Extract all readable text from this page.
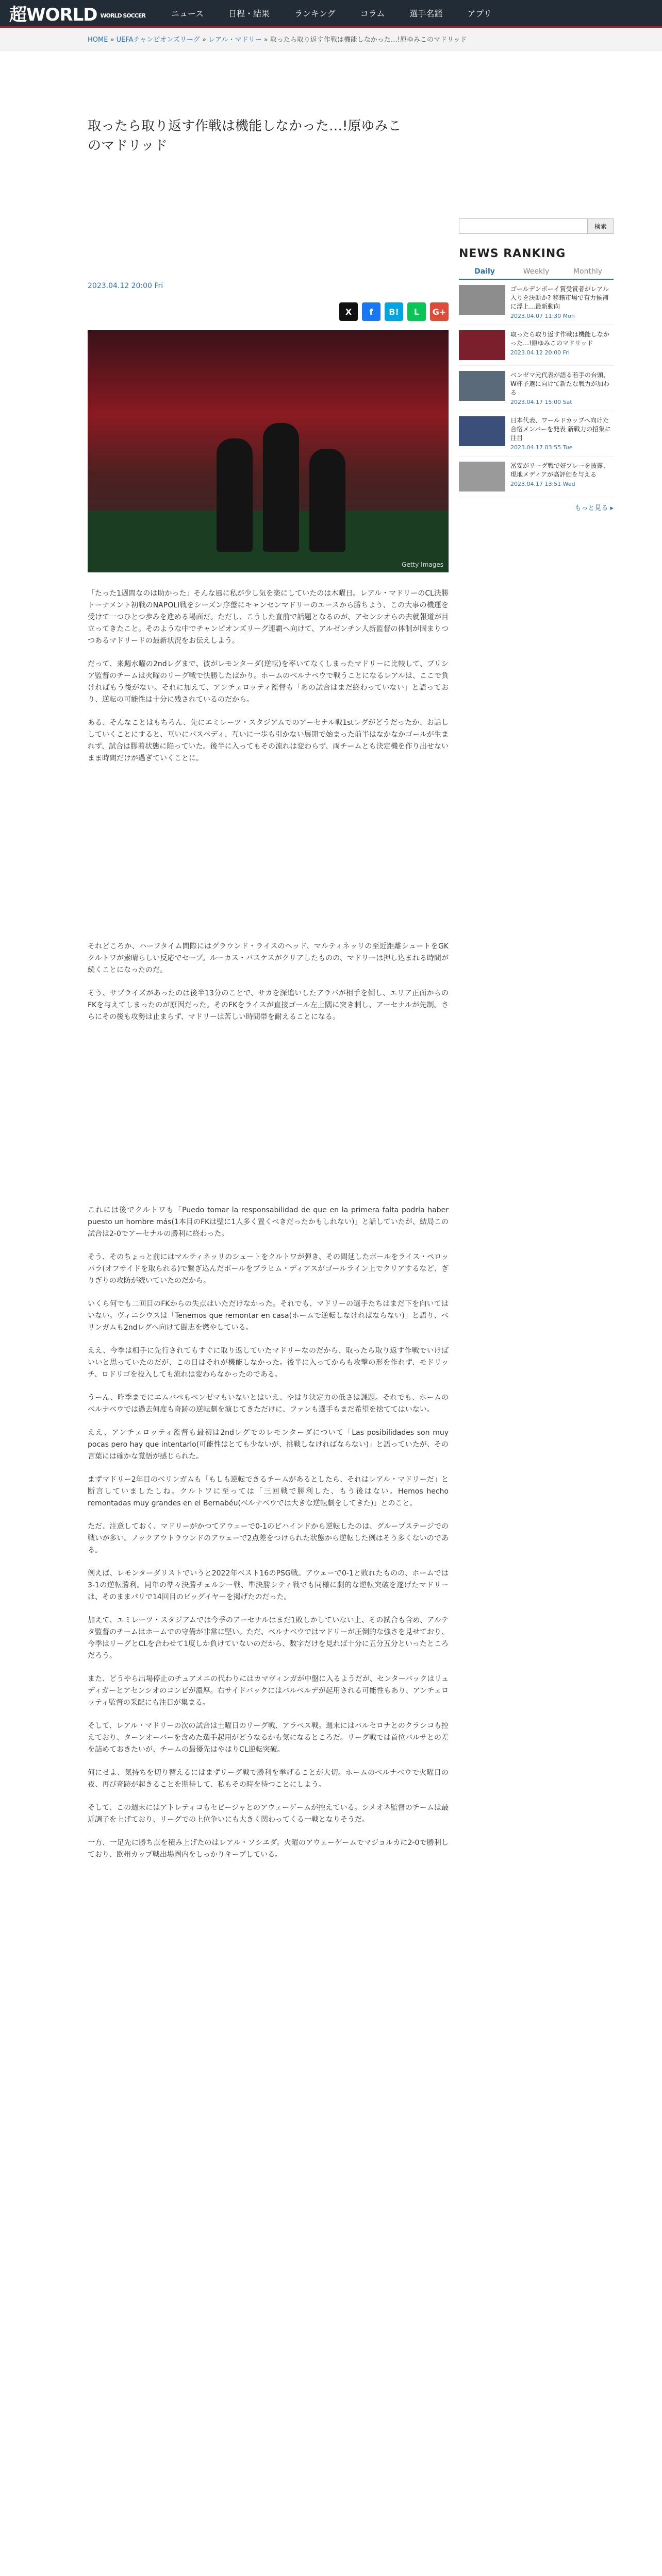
超WORLD WORLD SOCCER	ニュース	日程・結果	ランキング	コラム	選手名鑑	アプリ
HOME » UEFAチャンピオンズリーグ » レアル・マドリー » 取ったら取り返す作戦は機能しなかった…!原ゆみこのマドリッド
取ったら取り返す作戦は機能しなかった…!原ゆみこのマドリッド
2023.04.12 20:00 Fri
X	f	B!	L	G+
Getty Images

「たった1週間なのは助かった」そんな風に私が少し気を楽にしていたのは木曜日。レアル・マドリーのCL決勝トーナメント初戦のNAPOLI戦をシーズン序盤にキャンセンマドリーのエースから勝ちよう、この大事の機運を受けて一つひとつ歩みを進める場面だ。ただし、こうした直前で話題となるのが、アセンシオらの去就報道が目立ってきたこと。そのような中でチャンピオンズリーグ連覇へ向けて、アルゼンチン人新監督の体制が固まりつつあるマドリードの最新状況をお伝えしよう。

だって、来週水曜の2ndレグまで、彼がレモンターダ(逆転)を率いてなくしまったマドリーに比較して、プリシア監督のチームは火曜のリーグ戦で快勝したばかり。ホームのベルナベウで戦うことになるレアルは、ここで負ければもう後がない。それに加えて、アンチェロッティ監督も「あの試合はまだ終わっていない」と語っており、逆転の可能性は十分に残されているのだから。

ある、そんなことはもちろん、先にエミレーツ・スタジアムでのアーセナル戦1stレグがどうだったか、お話ししていくことにすると、互いにパスペディ、互いに一歩も引かない展開で始まった前半はなかなかゴールが生まれず、試合は膠着状態に陥っていた。後半に入ってもその流れは変わらず、両チームとも決定機を作り出せないまま時間だけが過ぎていくことに。

それどころか、ハーフタイム間際にはグラウンド・ライスのヘッド、マルティネッリの至近距離シュートをGKクルトワが素晴らしい反応でセーブ。ルーカス・バスケスがクリアしたものの、マドリーは押し込まれる時間が続くことになったのだ。

そう、サプライズがあったのは後半13分のことで、サカを深追いしたアラバが相手を倒し、エリア正面からのFKを与えてしまったのが原因だった。そのFKをライスが直接ゴール左上隅に突き刺し、アーセナルが先制。さらにその後も攻勢は止まらず、マドリーは苦しい時間帯を耐えることになる。

これには後でクルトワも「Puedo tomar la responsabilidad de que en la primera falta podría haber puesto un hombre más(1本目のFKは壁に1人多く置くべきだったかもしれない)」と話していたが、結局この試合は2-0でアーセナルの勝利に終わった。

そう、そのちょっと前にはマルティネッリのシュートをクルトワが弾き、その間延したボールをライス・ペロッパラ(オフサイドを取られる)で繋ぎ込んだボールをブラヒム・ディアスがゴールライン上でクリアするなど、ぎりぎりの攻防が続いていたのだから。

いくら何でも二回目のFKからの失点はいただけなかった。それでも、マドリーの選手たちはまだ下を向いてはいない。ヴィニシウスは「Tenemos que remontar en casa(ホームで逆転しなければならない)」と語り、ベリンガムも2ndレグへ向けて闘志を燃やしている。

ええ、今季は相手に先行されてもすぐに取り返していたマドリーなのだから、取ったら取り返す作戦でいけばいいと思っていたのだが、この日はそれが機能しなかった。後半に入ってからも攻撃の形を作れず、モドリッチ、ロドリゴを投入しても流れは変わらなかったのである。

うーん、昨季までにエムバペもベンゼマもいないとはいえ、やはり決定力の低さは課題。それでも、ホームのベルナベウでは過去何度も奇跡の逆転劇を演じてきただけに、ファンも選手もまだ希望を捨ててはいない。

ええ、アンチェロッティ監督も最初は2ndレグでのレモンターダについて「Las posibilidades son muy pocas pero hay que intentarlo(可能性はとても少ないが、挑戦しなければならない)」と語っていたが、その言葉には確かな覚悟が感じられた。

まずマドリー2年目のベリンガムも「もしも逆転できるチームがあるとしたら、それはレアル・マドリーだ」と断言していましたしね。クルトワに至っては「三回戦で勝利した、もう後はない。Hemos hecho remontadas muy grandes en el Bernabéu(ベルナベウでは大きな逆転劇をしてきた)」とのこと。

ただ、注意しておく、マドリーがかつてアウェーで0-1のビハインドから逆転したのは、グループステージでの戦いが多い。ノックアウトラウンドのアウェーで2点差をつけられた状態から逆転した例はそう多くないのである。

例えば、レモンターダリストでいうと2022年ベスト16のPSG戦。アウェーで0-1と敗れたものの、ホームでは3-1の逆転勝利。同年の準々決勝チェルシー戦、準決勝シティ戦でも同様に劇的な逆転突破を遂げたマドリーは、そのままパリで14回目のビッグイヤーを掲げたのだった。

加えて、エミレーツ・スタジアムでは今季のアーセナルはまだ1敗しかしていない上、その試合も含め、アルテタ監督のチームはホームでの守備が非常に堅い。ただ、ベルナベウではマドリーが圧倒的な強さを見せており、今季はリーグとCLを合わせて1度しか負けていないのだから、数字だけを見れば十分に五分五分といったところだろう。

また、どうやら出場停止のチュアメニの代わりにはカマヴィンガが中盤に入るようだが、センターバックはリュディガーとアセンシオのコンビが濃厚。右サイドバックにはバルベルデが起用される可能性もあり、アンチェロッティ監督の采配にも注目が集まる。

そして、レアル・マドリーの次の試合は土曜日のリーグ戦、アラベス戦。週末にはバルセロナとのクラシコも控えており、ターンオーバーを含めた選手起用がどうなるかも気になるところだ。リーグ戦では首位バルサとの差を詰めておきたいが、チームの最優先はやはりCL逆転突破。

何にせよ、気持ちを切り替えるにはまずリーグ戦で勝利を挙げることが大切。ホームのベルナベウで火曜日の夜、再び奇跡が起きることを期待して、私もその時を待つことにしよう。

そして、この週末にはアトレティコもセビージャとのアウェーゲームが控えている。シメオネ監督のチームは最近調子を上げており、リーグでの上位争いにも大きく関わってくる一戦となりそうだ。

一方、一足先に勝ち点を積み上げたのはレアル・ソシエダ。火曜のアウェーゲームでマジョルカに2-0で勝利しており、欧州カップ戦出場圏内をしっかりキープしている。

検索
NEWS RANKING
Daily	Weekly	Monthly
ゴールデンボーイ賞受賞者がレアル入りを決断か? 移籍市場で有力候補に浮上…最新動向
2023.04.07 11:30 Mon
取ったら取り返す作戦は機能しなかった…!原ゆみこのマドリッド
2023.04.12 20:00 Fri
ベンゼマ元代表が語る若手の台頭、W杯予選に向けて新たな戦力が加わる
2023.04.17 15:00 Sat
日本代表、ワールドカップへ向けた合宿メンバーを発表 新戦力の招集に注目
2023.04.17 03:55 Tue
冨安がリーグ戦で好プレーを披露、現地メディアが高評価を与える
2023.04.17 13:51 Wed
もっと見る ▸
